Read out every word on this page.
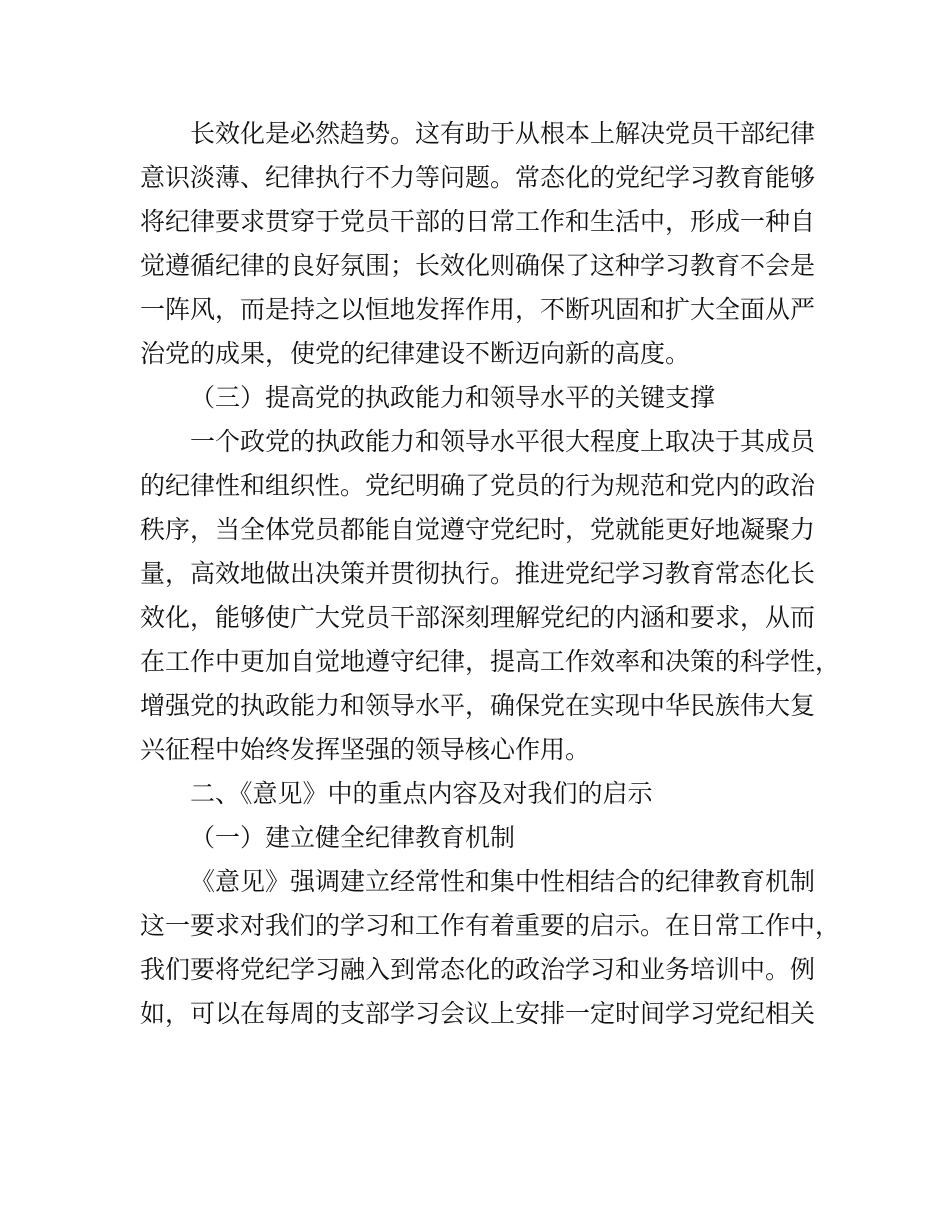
长效化是必然趋势。这有助于从根本上解决党员干部纪律
意识淡薄、纪律执行不力等问题。常态化的党纪学习教育能够
将纪律要求贯穿于党员干部的日常工作和生活中，形成一种自
觉遵循纪律的良好氛围；长效化则确保了这种学习教育不会是
一阵风，而是持之以恒地发挥作用，不断巩固和扩大全面从严
治党的成果，使党的纪律建设不断迈向新的高度。
（三）提高党的执政能力和领导水平的关键支撑
一个政党的执政能力和领导水平很大程度上取决于其成员
的纪律性和组织性。党纪明确了党员的行为规范和党内的政治
秩序，当全体党员都能自觉遵守党纪时，党就能更好地凝聚力
量，高效地做出决策并贯彻执行。推进党纪学习教育常态化长
效化，能够使广大党员干部深刻理解党纪的内涵和要求，从而
在工作中更加自觉地遵守纪律，提高工作效率和决策的科学性，
增强党的执政能力和领导水平，确保党在实现中华民族伟大复
兴征程中始终发挥坚强的领导核心作用。
二、《意见》中的重点内容及对我们的启示
（一）建立健全纪律教育机制
《意见》强调建立经常性和集中性相结合的纪律教育机制
这一要求对我们的学习和工作有着重要的启示。在日常工作中，
我们要将党纪学习融入到常态化的政治学习和业务培训中。例
如，可以在每周的支部学习会议上安排一定时间学习党纪相关
